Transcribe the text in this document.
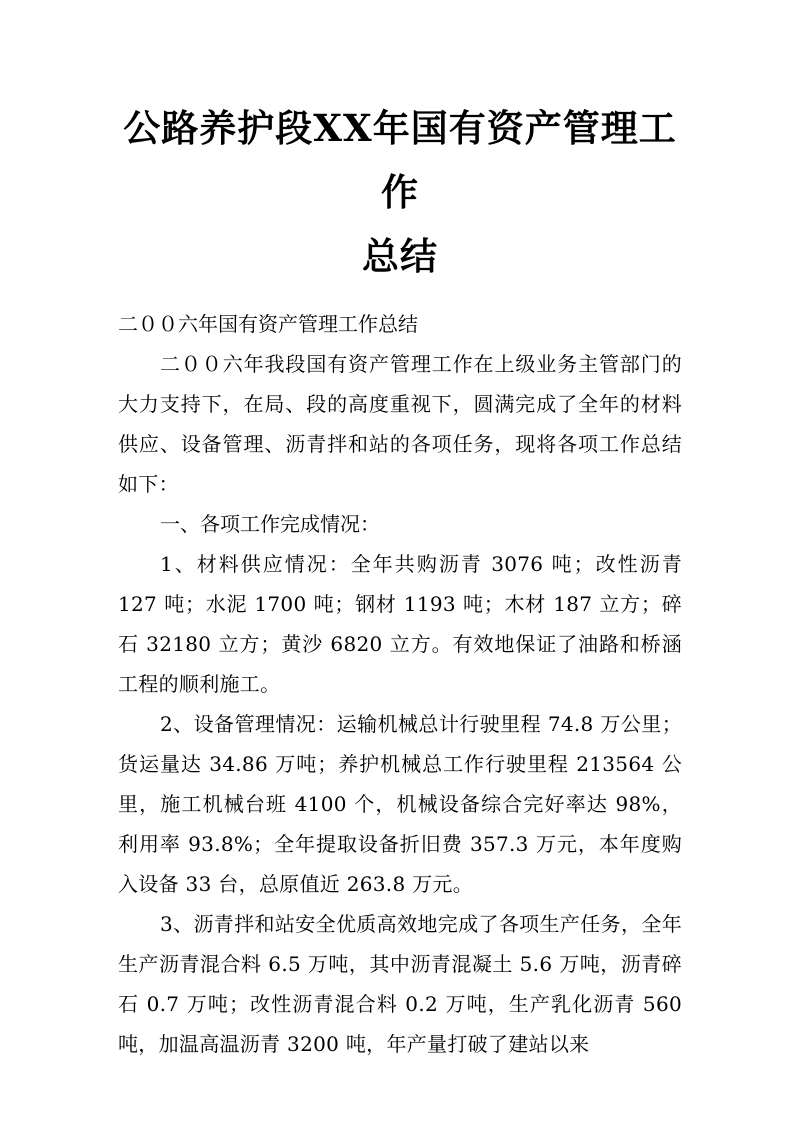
公路养护段XX年国有资产管理工作
总结

二００六年国有资产管理工作总结

二００六年我段国有资产管理工作在上级业务主管部门的大力支持下，在局、段的高度重视下，圆满完成了全年的材料供应、设备管理、沥青拌和站的各项任务，现将各项工作总结如下：

一、各项工作完成情况：

1、材料供应情况：全年共购沥青 3076 吨；改性沥青 127 吨；水泥 1700 吨；钢材 1193 吨；木材 187 立方；碎石 32180 立方；黄沙 6820 立方。有效地保证了油路和桥涵工程的顺利施工。

2、设备管理情况：运输机械总计行驶里程 74.8 万公里；货运量达 34.86 万吨；养护机械总工作行驶里程 213564 公里，施工机械台班 4100 个，机械设备综合完好率达 98%，利用率 93.8%；全年提取设备折旧费 357.3 万元，本年度购入设备 33 台，总原值近 263.8 万元。

3、沥青拌和站安全优质高效地完成了各项生产任务，全年生产沥青混合料 6.5 万吨，其中沥青混凝土 5.6 万吨，沥青碎石 0.7 万吨；改性沥青混合料 0.2 万吨，生产乳化沥青 560 吨，加温高温沥青 3200 吨，年产量打破了建站以来
